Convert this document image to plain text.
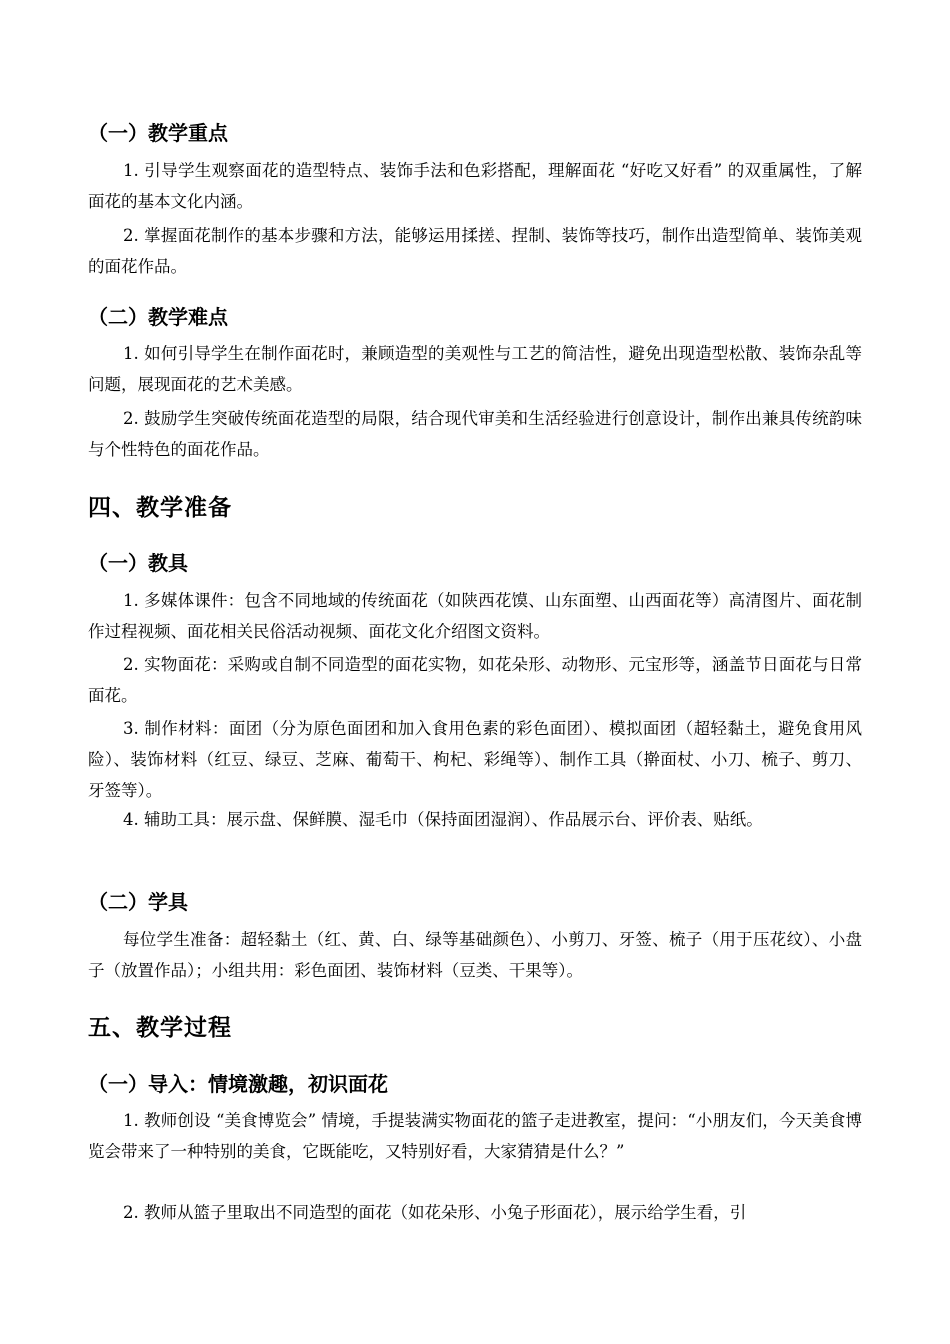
（一）教学重点

1. 引导学生观察面花的造型特点、装饰手法和色彩搭配，理解面花 “好吃又好看” 的双重属性，了解面花的基本文化内涵。

2. 掌握面花制作的基本步骤和方法，能够运用揉搓、捏制、装饰等技巧，制作出造型简单、装饰美观的面花作品。

（二）教学难点

1. 如何引导学生在制作面花时，兼顾造型的美观性与工艺的简洁性，避免出现造型松散、装饰杂乱等问题，展现面花的艺术美感。

2. 鼓励学生突破传统面花造型的局限，结合现代审美和生活经验进行创意设计，制作出兼具传统韵味与个性特色的面花作品。

四、教学准备
（一）教具

1. 多媒体课件：包含不同地域的传统面花（如陕西花馍、山东面塑、山西面花等）高清图片、面花制作过程视频、面花相关民俗活动视频、面花文化介绍图文资料。

2. 实物面花：采购或自制不同造型的面花实物，如花朵形、动物形、元宝形等，涵盖节日面花与日常面花。

3. 制作材料：面团（分为原色面团和加入食用色素的彩色面团）、模拟面团（超轻黏土，避免食用风险）、装饰材料（红豆、绿豆、芝麻、葡萄干、枸杞、彩绳等）、制作工具（擀面杖、小刀、梳子、剪刀、牙签等）。

4. 辅助工具：展示盘、保鲜膜、湿毛巾（保持面团湿润）、作品展示台、评价表、贴纸。

（二）学具

每位学生准备：超轻黏土（红、黄、白、绿等基础颜色）、小剪刀、牙签、梳子（用于压花纹）、小盘子（放置作品）；小组共用：彩色面团、装饰材料（豆类、干果等）。

五、教学过程
（一）导入：情境激趣，初识面花

1. 教师创设 “美食博览会” 情境，手提装满实物面花的篮子走进教室，提问：“小朋友们，今天美食博览会带来了一种特别的美食，它既能吃，又特别好看，大家猜猜是什么？”

2. 教师从篮子里取出不同造型的面花（如花朵形、小兔子形面花），展示给学生看，引
